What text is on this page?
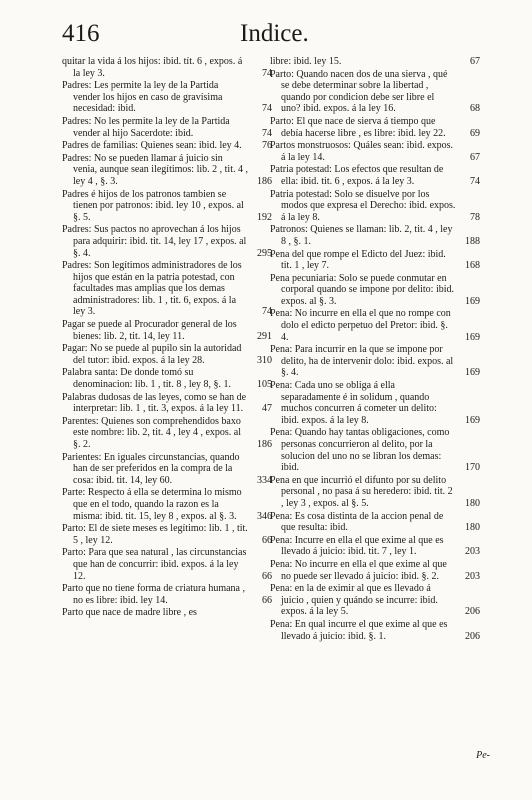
416	Indice.
74
quitar la vida á los hijos: ibid. tít. 6 , expos. á la ley 3.
74
Padres: Les permite la ley de la Partida vender los hijos en caso de gravísima necesidad: ibid.
74
Padres: No les permite la ley de la Partida vender al hijo Sacerdote: ibid.
76
Padres de familias: Quienes sean: ibid. ley 4.
186
Padres: No se pueden llamar á juicio sin venia, aunque sean ilegítimos: lib. 2 , tit. 4 , ley 4 , §. 3.
192
Padres é hijos de los patronos tambien se tienen por patronos: ibid. ley 10 , expos. al §. 5.
295
Padres: Sus pactos no aprovechan á los hijos para adquirir: ibid. tit. 14, ley 17 , expos. al §. 4.
74
Padres: Son legítimos administradores de los hijos que están en la patria potestad, con facultades mas amplias que los demas administradores: lib. 1 , tit. 6, expos. á la ley 3.
291
Pagar se puede al Procurador general de los bienes: lib. 2, tit. 14, ley 11.
310
Pagar: No se puede al pupilo sin la autoridad del tutor: ibid. expos. á la ley 28.
105
Palabra santa: De donde tomó su denominacion: lib. 1 , tit. 8 , ley 8, §. 1.
47
Palabras dudosas de las leyes, como se han de interpretar: lib. 1 , tit. 3, expos. á la ley 11.
186
Parentes: Quienes son comprehendidos baxo este nombre: lib. 2, tit. 4 , ley 4 , expos. al §. 2.
334
Parientes: En iguales circunstancias, quando han de ser preferidos en la compra de la cosa: ibid. tit. 14, ley 60.
346
Parte: Respecto á ella se determina lo mismo que en el todo, quando la razon es la misma: ibid. tit. 15, ley 8 , expos. al §. 3.
66
Parto: El de siete meses es legítimo: lib. 1 , tit. 5 , ley 12.
66
Parto: Para que sea natural , las circunstancias que han de concurrir: ibid. expos. á la ley 12.
66
Parto que no tiene forma de criatura humana , no es libre: ibid. ley 14.
Parto que nace de madre libre , es
67
libre: ibid. ley 15.
68
Parto: Quando nacen dos de una sierva , qué se debe determinar sobre la libertad , quando por condicion debe ser libre el uno? ibid. expos. á la ley 16.
69
Parto: El que nace de sierva á tiempo que debía hacerse libre , es libre: ibid. ley 22.
67
Partos monstruosos: Quáles sean: ibid. expos. á la ley 14.
74
Patria potestad: Los efectos que resultan de ella: ibid. tit. 6 , expos. á la ley 3.
78
Patria potestad: Solo se disuelve por los modos que expresa el Derecho: ibid. expos. á la ley 8.
188
Patronos: Quienes se llaman: lib. 2, tit. 4 , ley 8 , §. 1.
168
Pena del que rompe el Edicto del Juez: ibid. tit. 1 , ley 7.
169
Pena pecuniaria: Solo se puede conmutar en corporal quando se impone por delito: ibid. expos. al §. 3.
169
Pena: No incurre en ella el que no rompe con dolo el edicto perpetuo del Pretor: ibid. §. 4.
169
Pena: Para incurrir en la que se impone por delito, ha de intervenir dolo: ibid. expos. al §. 4.
169
Pena: Cada uno se obliga á ella separadamente é in solidum , quando muchos concurren á cometer un delito: ibid. expos. á la ley 8.
170
Pena: Quando hay tantas obligaciones, como personas concurrieron al delito, por la solucion del uno no se libran los demas: ibid.
180
Pena en que incurrió el difunto por su delito personal , no pasa á su heredero: ibid. tit. 2 , ley 3 , expos. al §. 5.
180
Pena: Es cosa distinta de la accion penal de que resulta: ibid.
203
Pena: Incurre en ella el que exime al que es llevado á juicio: ibid. tit. 7 , ley 1.
203
Pena: No incurre en ella el que exime al que no puede ser llevado á juicio: ibid. §. 2.
206
Pena: en la de eximir al que es llevado á juicio , quien y quándo se incurre: ibid. expos. á la ley 5.
206
Pena: En qual incurre el que exime al que es llevado á juicio: ibid. §. 1.
Pe-
